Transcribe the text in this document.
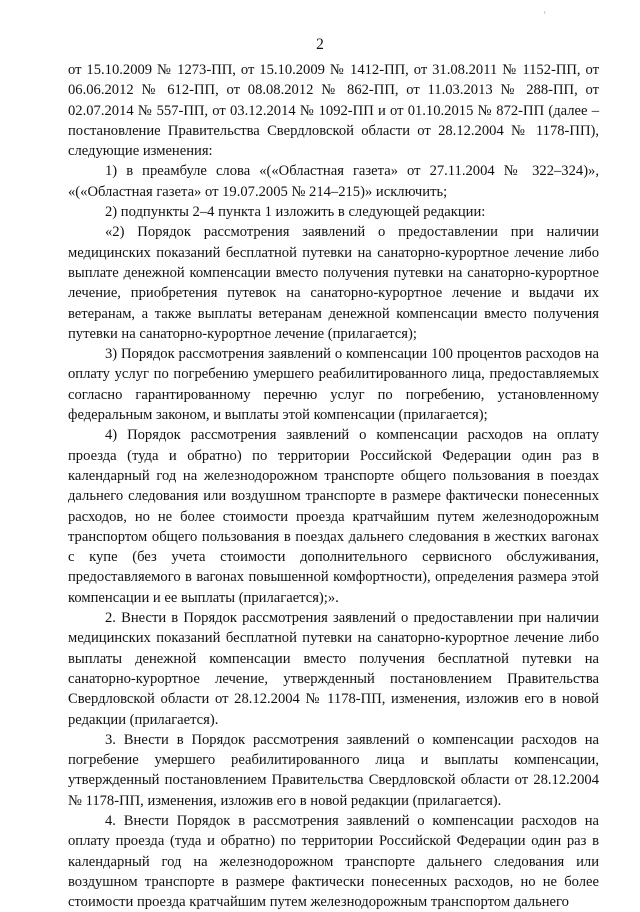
'
2

от 15.10.2009 № 1273-ПП, от 15.10.2009 № 1412-ПП, от 31.08.2011 № 1152-ПП, от 06.06.2012 № 612-ПП, от 08.08.2012 № 862-ПП, от 11.03.2013 № 288-ПП, от 02.07.2014 № 557-ПП, от 03.12.2014 № 1092-ПП и от 01.10.2015 № 872-ПП (далее – постановление Правительства Свердловской области от 28.12.2004 № 1178-ПП), следующие изменения:

1) в преамбуле слова «(«Областная газета» от 27.11.2004 № 322–324)», «(«Областная газета» от 19.07.2005 № 214–215)» исключить;

2) подпункты 2–4 пункта 1 изложить в следующей редакции:

«2) Порядок рассмотрения заявлений о предоставлении при наличии медицинских показаний бесплатной путевки на санаторно-курортное лечение либо выплате денежной компенсации вместо получения путевки на санаторно-курортное лечение, приобретения путевок на санаторно-курортное лечение и выдачи их ветеранам, а также выплаты ветеранам денежной компенсации вместо получения путевки на санаторно-курортное лечение (прилагается);

3) Порядок рассмотрения заявлений о компенсации 100 процентов расходов на оплату услуг по погребению умершего реабилитированного лица, предоставляемых согласно гарантированному перечню услуг по погребению, установленному федеральным законом, и выплаты этой компенсации (прилагается);

4) Порядок рассмотрения заявлений о компенсации расходов на оплату проезда (туда и обратно) по территории Российской Федерации один раз в календарный год на железнодорожном транспорте общего пользования в поездах дальнего следования или воздушном транспорте в размере фактически понесенных расходов, но не более стоимости проезда кратчайшим путем железнодорожным транспортом общего пользования в поездах дальнего следования в жестких вагонах с купе (без учета стоимости дополнительного сервисного обслуживания, предоставляемого в вагонах повышенной комфортности), определения размера этой компенсации и ее выплаты (прилагается);».

2. Внести в Порядок рассмотрения заявлений о предоставлении при наличии медицинских показаний бесплатной путевки на санаторно-курортное лечение либо выплаты денежной компенсации вместо получения бесплатной путевки на санаторно-курортное лечение, утвержденный постановлением Правительства Свердловской области от 28.12.2004 № 1178-ПП, изменения, изложив его в новой редакции (прилагается).

3. Внести в Порядок рассмотрения заявлений о компенсации расходов на погребение умершего реабилитированного лица и выплаты компенсации, утвержденный постановлением Правительства Свердловской области от 28.12.2004 № 1178-ПП, изменения, изложив его в новой редакции (прилагается).

4. Внести Порядок в рассмотрения заявлений о компенсации расходов на оплату проезда (туда и обратно) по территории Российской Федерации один раз в календарный год на железнодорожном транспорте дальнего следования или воздушном транспорте в размере фактически понесенных расходов, но не более стоимости проезда кратчайшим путем железнодорожным транспортом дальнего
